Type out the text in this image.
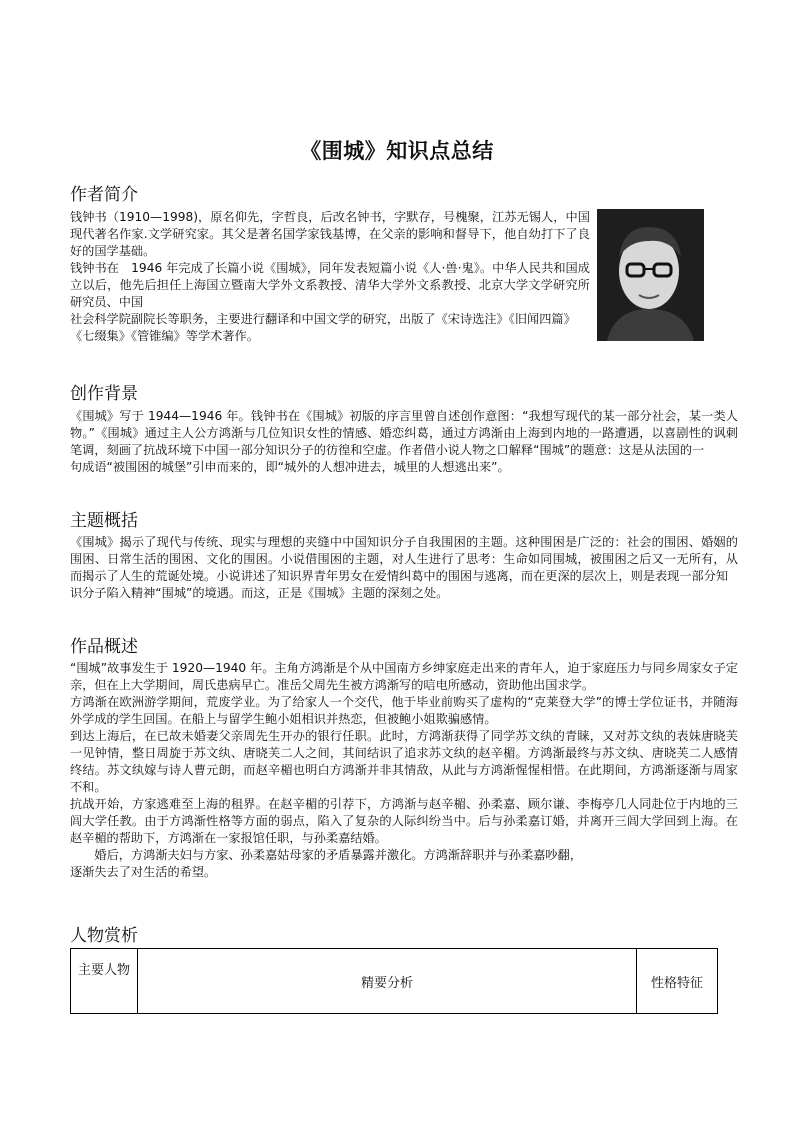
《围城》知识点总结
作者简介

钱钟书（1910—1998)，原名仰先，字哲良，后改名钟书，字默存，号槐聚，江苏无锡人，中国现代著名作家.文学研究家。其父是著名国学家钱基博，在父亲的影响和督导下，他自幼打下了良好的国学基础。

钱钟书在　1946 年完成了长篇小说《围城》，同年发表短篇小说《人·兽·鬼》。中华人民共和国成立以后，他先后担任上海国立暨南大学外文系教授、清华大学外文系教授、北京大学文学研究所研究员、中国

社会科学院副院长等职务，主要进行翻译和中国文学的研究，出版了《宋诗选注》《旧闻四篇》

《七缀集》《管锥编》等学术著作。

创作背景

《围城》写于 1944—1946 年。钱钟书在《围城》初版的序言里曾自述创作意图：“我想写现代的某一部分社会，某一类人物。”《围城》通过主人公方鸿渐与几位知识女性的情感、婚恋纠葛，通过方鸿渐由上海到内地的一路遭遇，以喜剧性的讽刺笔调，刻画了抗战环境下中国一部分知识分子的彷徨和空虚。作者借小说人物之口解释“围城”的题意：这是从法国的一

句成语“被围困的城堡”引申而来的，即“城外的人想冲进去，城里的人想逃出来”。

主题概括

《围城》揭示了现代与传统、现实与理想的夹缝中中国知识分子自我围困的主题。这种围困是广泛的：社会的围困、婚姻的围困、日常生活的围困、文化的围困。小说借围困的主题，对人生进行了思考：生命如同围城，被围困之后又一无所有，从而揭示了人生的荒诞处境。小说讲述了知识界青年男女在爱情纠葛中的围困与逃离，而在更深的层次上，则是表现一部分知

识分子陷入精神“围城”的境遇。而这，正是《围城》主题的深刻之处。

作品概述

“围城”故事发生于 1920—1940 年。主角方鸿渐是个从中国南方乡绅家庭走出来的青年人，迫于家庭压力与同乡周家女子定亲，但在上大学期间，周氏患病早亡。准岳父周先生被方鸿渐写的唁电所感动，资助他出国求学。

方鸿渐在欧洲游学期间，荒废学业。为了给家人一个交代，他于毕业前购买了虚构的“克莱登大学”的博士学位证书，并随海外学成的学生回国。在船上与留学生鲍小姐相识并热恋，但被鲍小姐欺骗感情。

到达上海后，在已故未婚妻父亲周先生开办的银行任职。此时，方鸿渐获得了同学苏文纨的青睐，又对苏文纨的表妹唐晓芙一见钟情，整日周旋于苏文纨、唐晓芙二人之间，其间结识了追求苏文纨的赵辛楣。方鸿渐最终与苏文纨、唐晓芙二人感情终结。苏文纨嫁与诗人曹元朗，而赵辛楣也明白方鸿渐并非其情敌，从此与方鸿渐惺惺相惜。在此期间，方鸿渐逐渐与周家不和。

抗战开始，方家逃难至上海的租界。在赵辛楣的引荐下，方鸿渐与赵辛楣、孙柔嘉、顾尔谦、李梅亭几人同赴位于内地的三闾大学任教。由于方鸿渐性格等方面的弱点，陷入了复杂的人际纠纷当中。后与孙柔嘉订婚，并离开三闾大学回到上海。在赵辛楣的帮助下，方鸿渐在一家报馆任职，与孙柔嘉结婚。

婚后，方鸿渐夫妇与方家、孙柔嘉姑母家的矛盾暴露并激化。方鸿渐辞职并与孙柔嘉吵翻，

逐渐失去了对生活的希望。

人物赏析
主要人物	精要分析	性格特征
